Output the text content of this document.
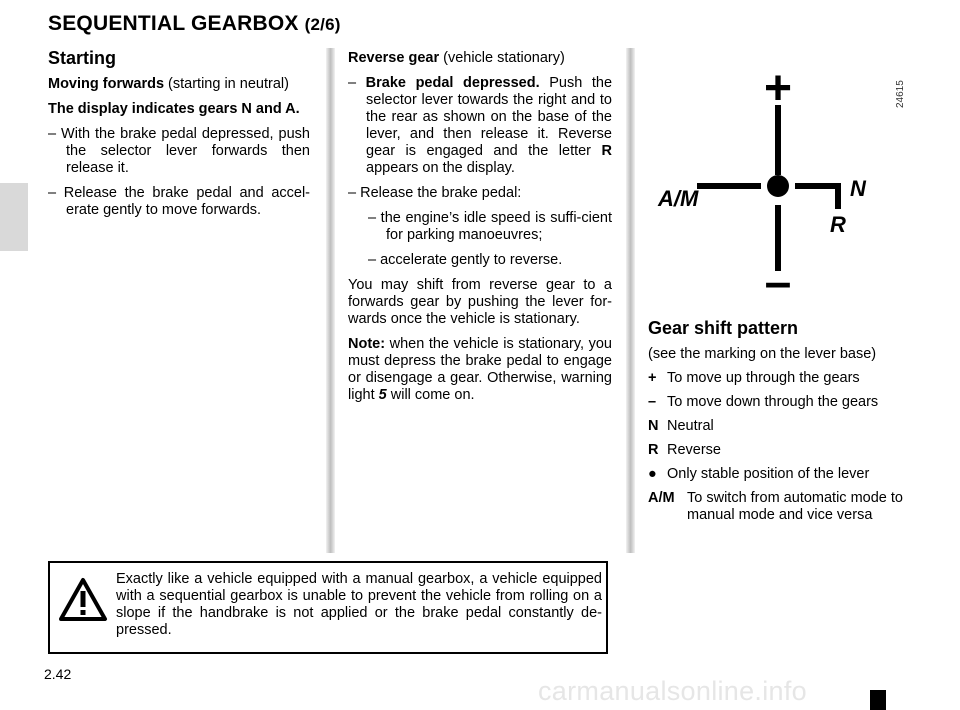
SEQUENTIAL GEARBOX (2/6)

Starting

Moving forwards (starting in neutral)

The display indicates gears N and A.

– With the brake pedal depressed, push the selector lever forwards then release it.

– Release the brake pedal and accel-erate gently to move forwards.

Reverse gear (vehicle stationary)

– Brake pedal depressed. Push the selector lever towards the right and to the rear as shown on the base of the lever, and then release it. Reverse gear is engaged and the letter R appears on the display.

– Release the brake pedal:

– the engine’s idle speed is suffi-cient for parking manoeuvres;

– accelerate gently to reverse.

You may shift from reverse gear to a forwards gear by pushing the lever for-wards once the vehicle is stationary.

Note: when the vehicle is stationary, you must depress the brake pedal to engage or disengage a gear. Otherwise, warning light 5 will come on.

24615
+
–
A/M	N
R

Gear shift pattern

(see the marking on the lever base)

+ To move up through the gears
– To move down through the gears
N Neutral
R Reverse
● Only stable position of the lever
A/M To switch from automatic mode to manual mode and vice versa
Exactly like a vehicle equipped with a manual gearbox, a vehicle equipped with a sequential gearbox is unable to prevent the vehicle from rolling on a slope if the handbrake is not applied or the brake pedal constantly de-pressed.
2.42
carmanualsonline.info
